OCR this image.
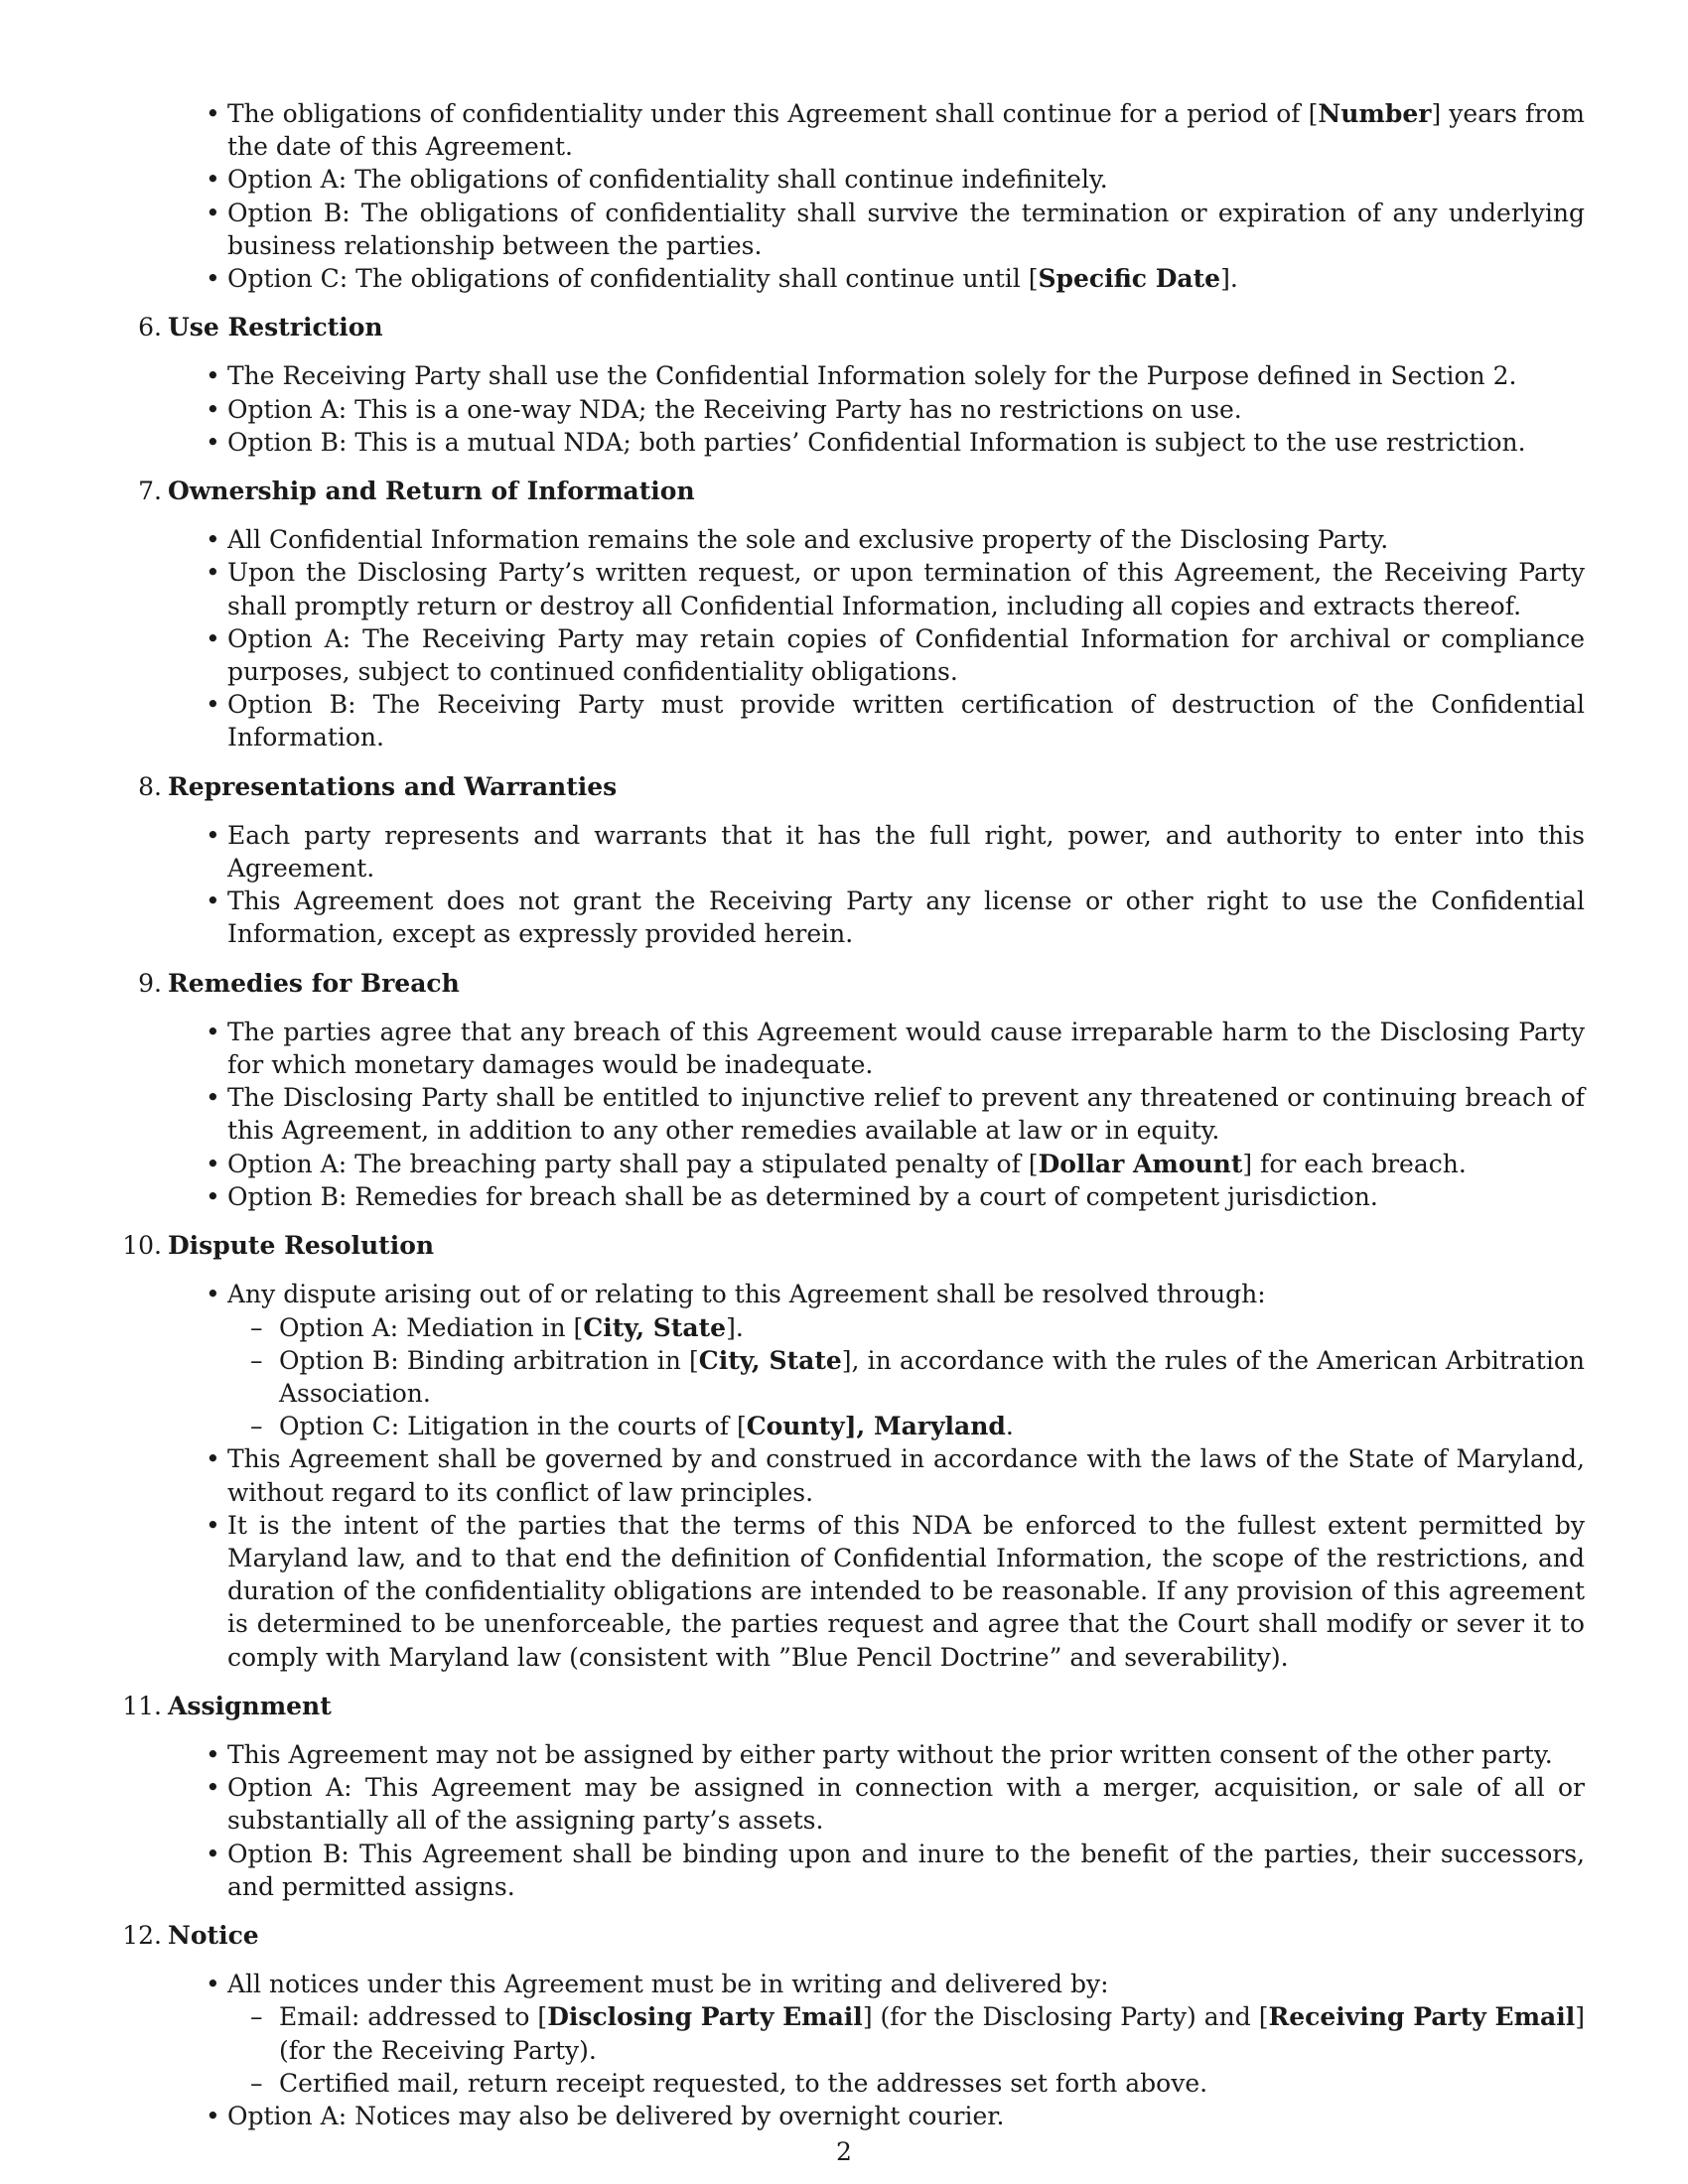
• The obligations of confidentiality under this Agreement shall continue for a period of [Number] years from the date of this Agreement.
• Option A: The obligations of confidentiality shall continue indefinitely.
• Option B: The obligations of confidentiality shall survive the termination or expiration of any underlying business relationship between the parties.
• Option C: The obligations of confidentiality shall continue until [Specific Date].
6. Use Restriction
• The Receiving Party shall use the Confidential Information solely for the Purpose defined in Section 2.
• Option A: This is a one-way NDA; the Receiving Party has no restrictions on use.
• Option B: This is a mutual NDA; both parties’ Confidential Information is subject to the use restriction.
7. Ownership and Return of Information
• All Confidential Information remains the sole and exclusive property of the Disclosing Party.
• Upon the Disclosing Party’s written request, or upon termination of this Agreement, the Receiving Party shall promptly return or destroy all Confidential Information, including all copies and extracts thereof.
• Option A: The Receiving Party may retain copies of Confidential Information for archival or compliance purposes, subject to continued confidentiality obligations.
• Option B: The Receiving Party must provide written certification of destruction of the Confidential Information.
8. Representations and Warranties
• Each party represents and warrants that it has the full right, power, and authority to enter into this Agreement.
• This Agreement does not grant the Receiving Party any license or other right to use the Confidential Information, except as expressly provided herein.
9. Remedies for Breach
• The parties agree that any breach of this Agreement would cause irreparable harm to the Disclosing Party for which monetary damages would be inadequate.
• The Disclosing Party shall be entitled to injunctive relief to prevent any threatened or continuing breach of this Agreement, in addition to any other remedies available at law or in equity.
• Option A: The breaching party shall pay a stipulated penalty of [Dollar Amount] for each breach.
• Option B: Remedies for breach shall be as determined by a court of competent jurisdiction.
10. Dispute Resolution
• Any dispute arising out of or relating to this Agreement shall be resolved through:
– Option A: Mediation in [City, State].
– Option B: Binding arbitration in [City, State], in accordance with the rules of the American Arbitration Association.
– Option C: Litigation in the courts of [County], Maryland.
• This Agreement shall be governed by and construed in accordance with the laws of the State of Maryland, without regard to its conflict of law principles.
• It is the intent of the parties that the terms of this NDA be enforced to the fullest extent permitted by Maryland law, and to that end the definition of Confidential Information, the scope of the restrictions, and duration of the confidentiality obligations are intended to be reasonable. If any provision of this agreement is determined to be unenforceable, the parties request and agree that the Court shall modify or sever it to comply with Maryland law (consistent with ”Blue Pencil Doctrine” and severability).
11. Assignment
• This Agreement may not be assigned by either party without the prior written consent of the other party.
• Option A: This Agreement may be assigned in connection with a merger, acquisition, or sale of all or substantially all of the assigning party’s assets.
• Option B: This Agreement shall be binding upon and inure to the benefit of the parties, their successors, and permitted assigns.
12. Notice
• All notices under this Agreement must be in writing and delivered by:
– Email: addressed to [Disclosing Party Email] (for the Disclosing Party) and [Receiving Party Email] (for the Receiving Party).
– Certified mail, return receipt requested, to the addresses set forth above.
• Option A: Notices may also be delivered by overnight courier.
2
